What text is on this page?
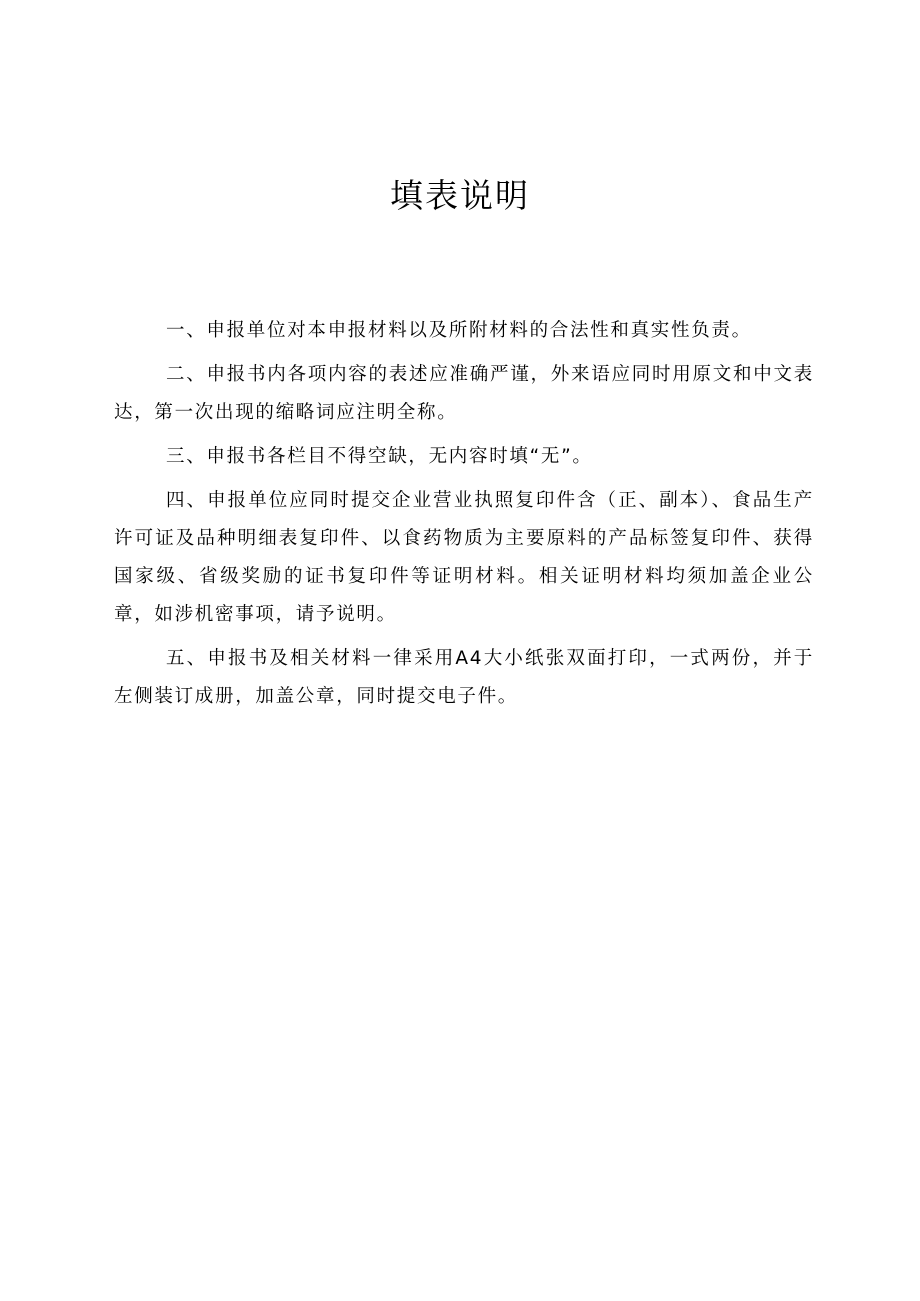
填表说明

一、申报单位对本申报材料以及所附材料的合法性和真实性负责。

二、申报书内各项内容的表述应准确严谨，外来语应同时用原文和中文表达，第一次出现的缩略词应注明全称。

三、申报书各栏目不得空缺，无内容时填“无”。

四、申报单位应同时提交企业营业执照复印件含（正、副本）、食品生产许可证及品种明细表复印件、以食药物质为主要原料的产品标签复印件、获得国家级、省级奖励的证书复印件等证明材料。相关证明材料均须加盖企业公章，如涉机密事项，请予说明。

五、申报书及相关材料一律采用A4大小纸张双面打印，一式两份，并于左侧装订成册，加盖公章，同时提交电子件。
